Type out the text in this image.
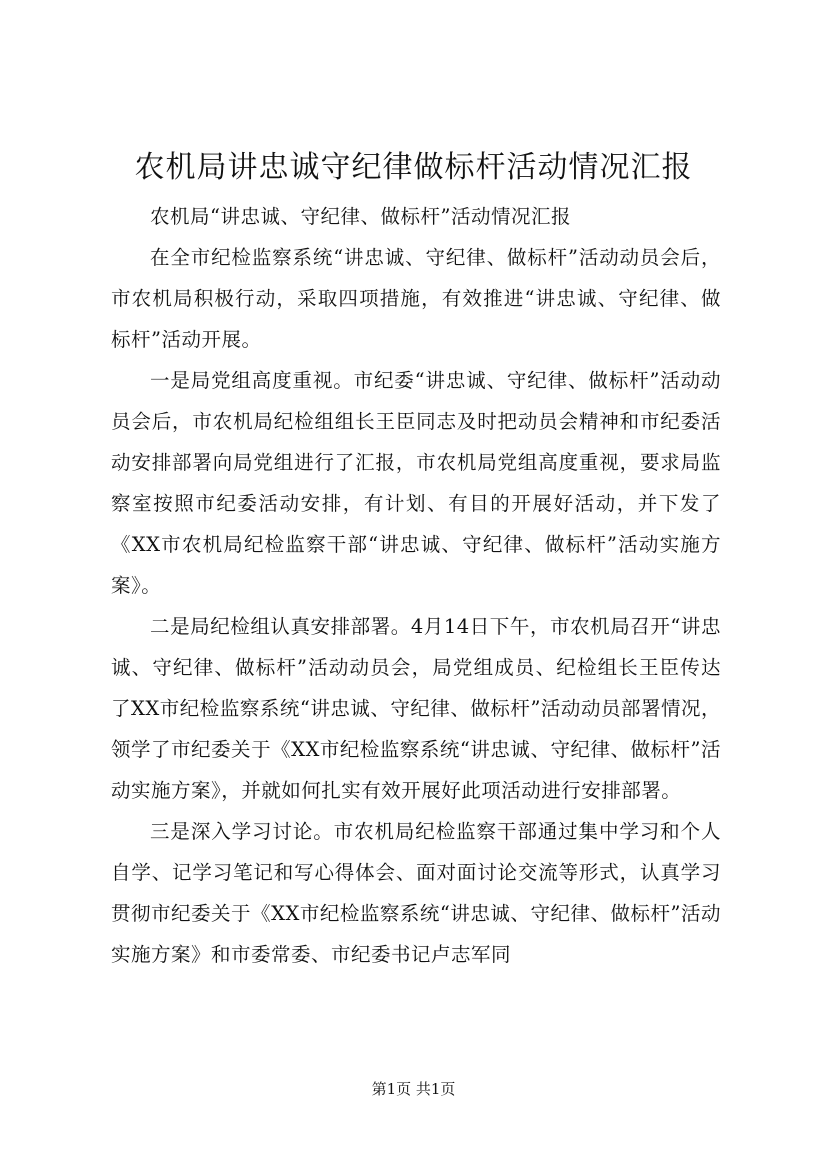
农机局讲忠诚守纪律做标杆活动情况汇报

农机局“讲忠诚、守纪律、做标杆”活动情况汇报

在全市纪检监察系统“讲忠诚、守纪律、做标杆”活动动员会后，市农机局积极行动，采取四项措施，有效推进“讲忠诚、守纪律、做标杆”活动开展。

一是局党组高度重视。市纪委“讲忠诚、守纪律、做标杆”活动动员会后，市农机局纪检组组长王臣同志及时把动员会精神和市纪委活动安排部署向局党组进行了汇报，市农机局党组高度重视，要求局监察室按照市纪委活动安排，有计划、有目的开展好活动，并下发了《XX市农机局纪检监察干部“讲忠诚、守纪律、做标杆”活动实施方案》。

二是局纪检组认真安排部署。4月14日下午，市农机局召开“讲忠诚、守纪律、做标杆”活动动员会，局党组成员、纪检组长王臣传达了XX市纪检监察系统“讲忠诚、守纪律、做标杆”活动动员部署情况，领学了市纪委关于《XX市纪检监察系统“讲忠诚、守纪律、做标杆”活动实施方案》，并就如何扎实有效开展好此项活动进行安排部署。

三是深入学习讨论。市农机局纪检监察干部通过集中学习和个人自学、记学习笔记和写心得体会、面对面讨论交流等形式，认真学习贯彻市纪委关于《XX市纪检监察系统“讲忠诚、守纪律、做标杆”活动实施方案》和市委常委、市纪委书记卢志军同

第1页 共1页
